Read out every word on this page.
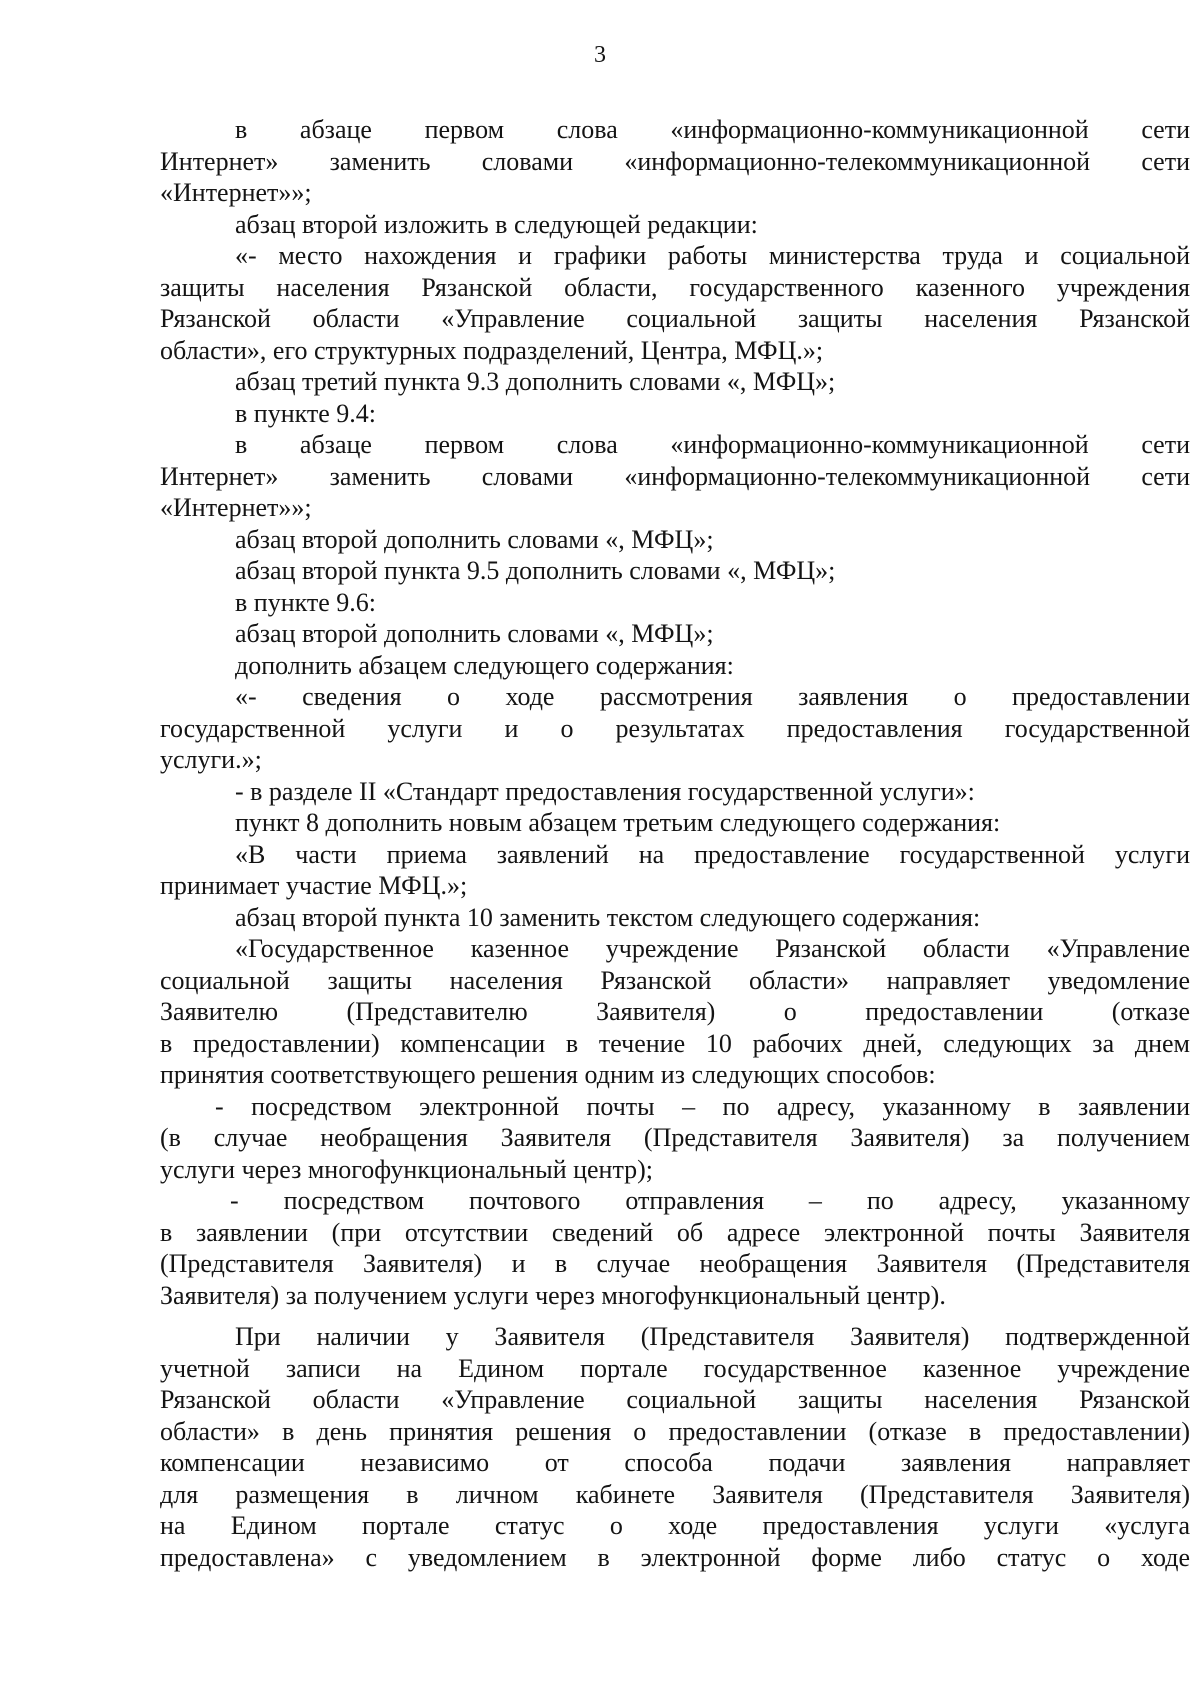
3
в абзаце первом слова «информационно-коммуникационной сети
Интернет» заменить словами «информационно-телекоммуникационной сети
«Интернет»»;
абзац второй изложить в следующей редакции:
«- место нахождения и графики работы министерства труда и социальной
защиты населения Рязанской области, государственного казенного учреждения
Рязанской области «Управление социальной защиты населения Рязанской
области», его структурных подразделений, Центра, МФЦ.»;
абзац третий пункта 9.3 дополнить словами «, МФЦ»;
в пункте 9.4:
в абзаце первом слова «информационно-коммуникационной сети
Интернет» заменить словами «информационно-телекоммуникационной сети
«Интернет»»;
абзац второй дополнить словами «, МФЦ»;
абзац второй пункта 9.5 дополнить словами «, МФЦ»;
в пункте 9.6:
абзац второй дополнить словами «, МФЦ»;
дополнить абзацем следующего содержания:
«- сведения о ходе рассмотрения заявления о предоставлении
государственной услуги и о результатах предоставления государственной
услуги.»;
- в разделе II «Стандарт предоставления государственной услуги»:
пункт 8 дополнить новым абзацем третьим следующего содержания:
«В части приема заявлений на предоставление государственной услуги
принимает участие МФЦ.»;
абзац второй пункта 10 заменить текстом следующего содержания:
«Государственное казенное учреждение Рязанской области «Управление
социальной защиты населения Рязанской области» направляет уведомление
Заявителю (Представителю Заявителя) о предоставлении (отказе
в предоставлении) компенсации в течение 10 рабочих дней, следующих за днем
принятия соответствующего решения одним из следующих способов:
- посредством электронной почты – по адресу, указанному в заявлении
(в случае необращения Заявителя (Представителя Заявителя) за получением
услуги через многофункциональный центр);
- посредством почтового отправления – по адресу, указанному
в заявлении (при отсутствии сведений об адресе электронной почты Заявителя
(Представителя Заявителя) и в случае необращения Заявителя (Представителя
Заявителя) за получением услуги через многофункциональный центр).
При наличии у Заявителя (Представителя Заявителя) подтвержденной
учетной записи на Едином портале государственное казенное учреждение
Рязанской области «Управление социальной защиты населения Рязанской
области» в день принятия решения о предоставлении (отказе в предоставлении)
компенсации независимо от способа подачи заявления направляет
для размещения в личном кабинете Заявителя (Представителя Заявителя)
на Едином портале статус о ходе предоставления услуги «услуга
предоставлена» с уведомлением в электронной форме либо статус о ходе
